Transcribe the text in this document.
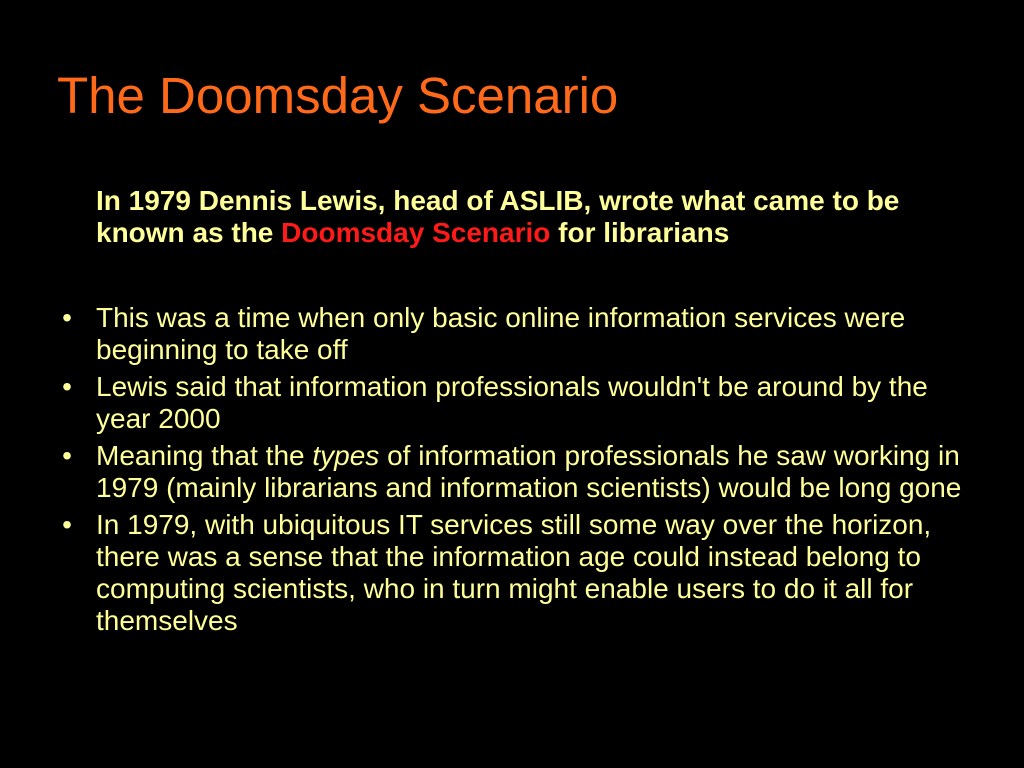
The Doomsday Scenario

In 1979 Dennis Lewis, head of ASLIB, wrote what came to be known as the Doomsday Scenario for librarians

• This was a time when only basic online information services were beginning to take off
• Lewis said that information professionals wouldn't be around by the year 2000
• Meaning that the types of information professionals he saw working in 1979 (mainly librarians and information scientists) would be long gone
• In 1979, with ubiquitous IT services still some way over the horizon, there was a sense that the information age could instead belong to computing scientists, who in turn might enable users to do it all for themselves
